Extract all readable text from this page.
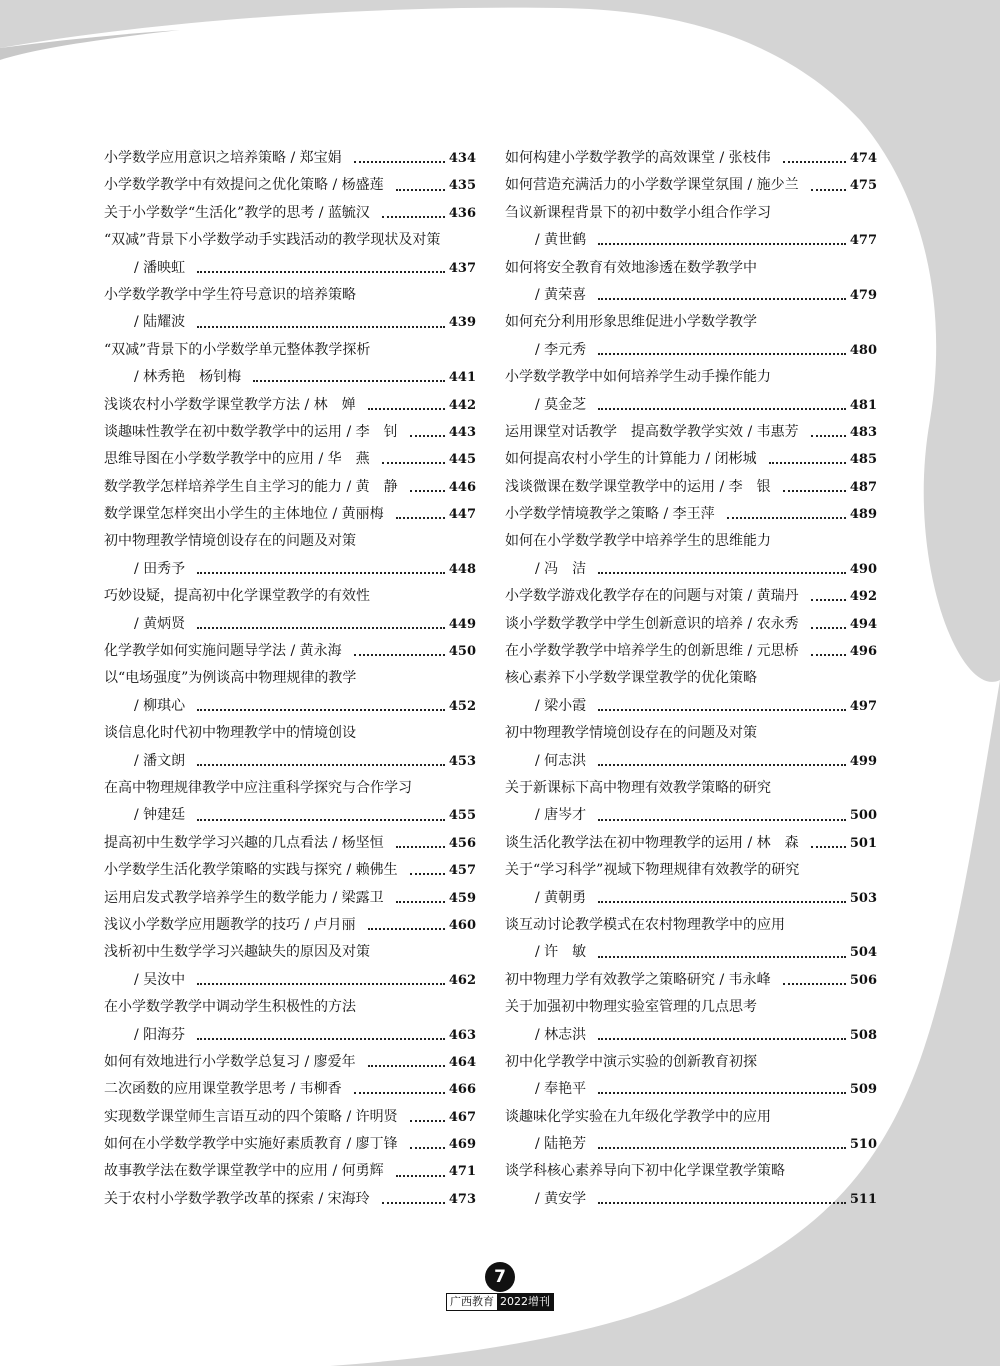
小学数学应用意识之培养策略 / 郑宝娟	434
小学数学教学中有效提问之优化策略 / 杨盛莲	435
关于小学数学“生活化”教学的思考 / 蓝毓汉	436
“双减”背景下小学数学动手实践活动的教学现状及对策
/ 潘映虹	437
小学数学教学中学生符号意识的培养策略
/ 陆耀波	439
“双减”背景下的小学数学单元整体教学探析
/ 林秀艳　杨钊梅	441
浅谈农村小学数学课堂教学方法 / 林　婵	442
谈趣味性教学在初中数学教学中的运用 / 李　钊	443
思维导图在小学数学教学中的应用 / 华　燕	445
数学教学怎样培养学生自主学习的能力 / 黄　静	446
数学课堂怎样突出小学生的主体地位 / 黄丽梅	447
初中物理教学情境创设存在的问题及对策
/ 田秀予	448
巧妙设疑，提高初中化学课堂教学的有效性
/ 黄炳贤	449
化学教学如何实施问题导学法 / 黄永海	450
以“电场强度”为例谈高中物理规律的教学
/ 柳琪心	452
谈信息化时代初中物理教学中的情境创设
/ 潘文朗	453
在高中物理规律教学中应注重科学探究与合作学习
/ 钟建廷	455
提高初中生数学学习兴趣的几点看法 / 杨坚恒	456
小学数学生活化教学策略的实践与探究 / 赖佛生	457
运用启发式教学培养学生的数学能力 / 梁露卫	459
浅议小学数学应用题教学的技巧 / 卢月丽	460
浅析初中生数学学习兴趣缺失的原因及对策
/ 吴汝中	462
在小学数学教学中调动学生积极性的方法
/ 阳海芬	463
如何有效地进行小学数学总复习 / 廖爱年	464
二次函数的应用课堂教学思考 / 韦柳香	466
实现数学课堂师生言语互动的四个策略 / 许明贤	467
如何在小学数学教学中实施好素质教育 / 廖丁锋	469
故事教学法在数学课堂教学中的应用 / 何勇辉	471
关于农村小学数学教学改革的探索 / 宋海玲	473
如何构建小学数学教学的高效课堂 / 张枝伟	474
如何营造充满活力的小学数学课堂氛围 / 施少兰	475
刍议新课程背景下的初中数学小组合作学习
/ 黄世鹤	477
如何将安全教育有效地渗透在数学教学中
/ 黄荣喜	479
如何充分利用形象思维促进小学数学教学
/ 李元秀	480
小学数学教学中如何培养学生动手操作能力
/ 莫金芝	481
运用课堂对话教学　提高数学教学实效 / 韦惠芳	483
如何提高农村小学生的计算能力 / 闭彬城	485
浅谈微课在数学课堂教学中的运用 / 李　银	487
小学数学情境教学之策略 / 李王萍	489
如何在小学数学教学中培养学生的思维能力
/ 冯　洁	490
小学数学游戏化教学存在的问题与对策 / 黄瑞丹	492
谈小学数学教学中学生创新意识的培养 / 农永秀	494
在小学数学教学中培养学生的创新思维 / 元思桥	496
核心素养下小学数学课堂教学的优化策略
/ 梁小霞	497
初中物理教学情境创设存在的问题及对策
/ 何志洪	499
关于新课标下高中物理有效教学策略的研究
/ 唐岑才	500
谈生活化教学法在初中物理教学的运用 / 林　森	501
关于“学习科学”视域下物理规律有效教学的研究
/ 黄朝勇	503
谈互动讨论教学模式在农村物理教学中的应用
/ 许　敏	504
初中物理力学有效教学之策略研究 / 韦永峰	506
关于加强初中物理实验室管理的几点思考
/ 林志洪	508
初中化学教学中演示实验的创新教育初探
/ 奉艳平	509
谈趣味化学实验在九年级化学教学中的应用
/ 陆艳芳	510
谈学科核心素养导向下初中化学课堂教学策略
/ 黄安学	511
7
广西教育 2022增刊
